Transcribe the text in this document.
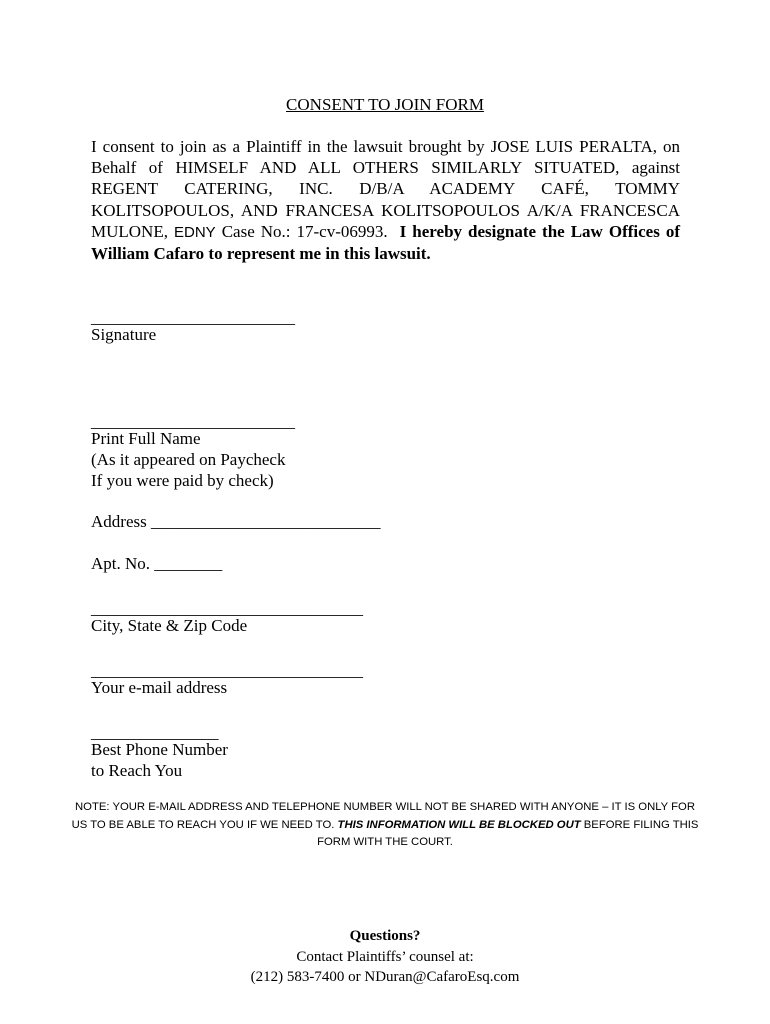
CONSENT TO JOIN FORM
I consent to join as a Plaintiff in the lawsuit brought by JOSE LUIS PERALTA, on Behalf of HIMSELF AND ALL OTHERS SIMILARLY SITUATED, against REGENT CATERING, INC. D/B/A ACADEMY CAFÉ, TOMMY KOLITSOPOULOS, AND FRANCESA KOLITSOPOULOS A/K/A FRANCESCA MULONE, EDNY Case No.: 17-cv-06993. I hereby designate the Law Offices of William Cafaro to represent me in this lawsuit.
________________________
Signature
________________________
Print Full Name
(As it appeared on Paycheck
If you were paid by check)
Address ___________________________
Apt. No. ________
________________________________
City, State & Zip Code
________________________________
Your e-mail address
_______________
Best Phone Number
to Reach You
NOTE: YOUR E-MAIL ADDRESS AND TELEPHONE NUMBER WILL NOT BE SHARED WITH ANYONE – IT IS ONLY FOR US TO BE ABLE TO REACH YOU IF WE NEED TO. THIS INFORMATION WILL BE BLOCKED OUT BEFORE FILING THIS FORM WITH THE COURT.
Questions?
Contact Plaintiffs’ counsel at:
(212) 583-7400 or NDuran@CafaroEsq.com
